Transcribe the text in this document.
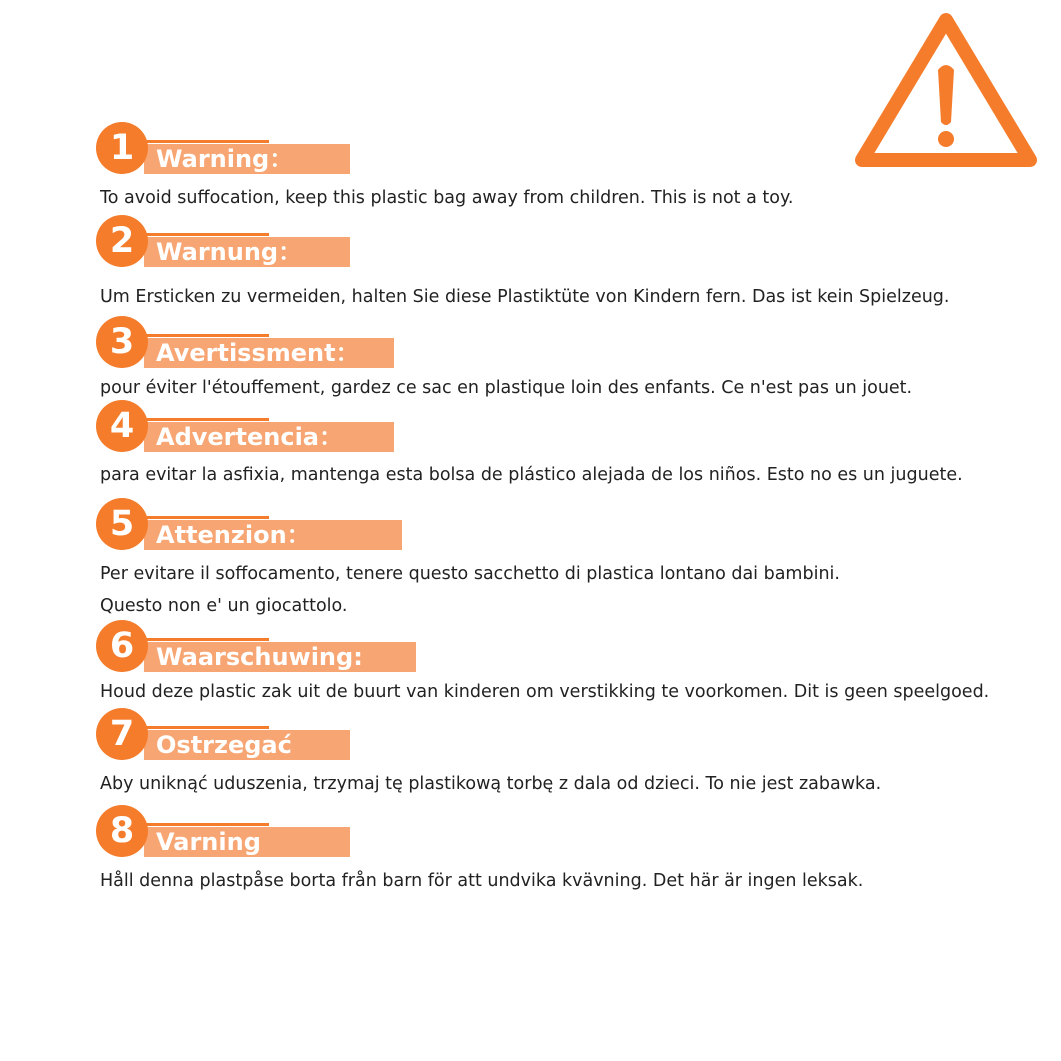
1 Warning：
To avoid suffocation, keep this plastic bag away from children. This is not a toy.
2 Warnung：
Um Ersticken zu vermeiden, halten Sie diese Plastiktüte von Kindern fern. Das ist kein Spielzeug.
3 Avertissment：
pour éviter l'étouffement, gardez ce sac en plastique loin des enfants. Ce n'est pas un jouet.
4 Advertencia：
para evitar la asfixia, mantenga esta bolsa de plástico alejada de los niños. Esto no es un juguete.
5 Attenzion：
Per evitare il soffocamento, tenere questo sacchetto di plastica lontano dai bambini.
Questo non e' un giocattolo.
6 Waarschuwing:
Houd deze plastic zak uit de buurt van kinderen om verstikking te voorkomen. Dit is geen speelgoed.
7 Ostrzegać
Aby uniknąć uduszenia, trzymaj tę plastikową torbę z dala od dzieci. To nie jest zabawka.
8 Varning
Håll denna plastpåse borta från barn för att undvika kvävning. Det här är ingen leksak.
